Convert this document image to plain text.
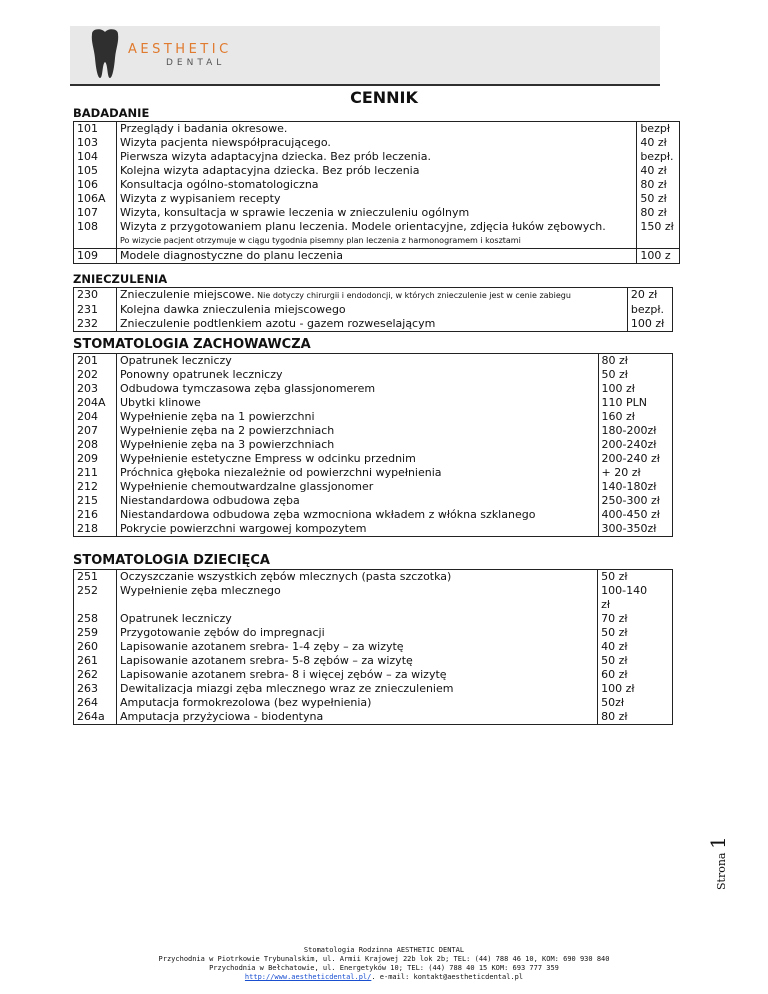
AESTHETIC
DENTAL
CENNIK
BADADANIE
101	Przeglądy i badania okresowe.	bezpł
103	Wizyta pacjenta niewspółpracującego.	40 zł
104	Pierwsza wizyta adaptacyjna dziecka. Bez prób leczenia.	bezpł.
105	Kolejna wizyta adaptacyjna dziecka. Bez prób leczenia	40 zł
106	Konsultacja ogólno-stomatologiczna	80 zł
106A	Wizyta z wypisaniem recepty	50 zł
107	Wizyta, konsultacja w sprawie leczenia w znieczuleniu ogólnym	80 zł
108	Wizyta z przygotowaniem planu leczenia. Modele orientacyjne, zdjęcia łuków zębowych.	150 zł
	Po wizycie pacjent otrzymuje w ciągu tygodnia pisemny plan leczenia z harmonogramem i kosztami	
109	Modele diagnostyczne do planu leczenia	100 z
ZNIECZULENIA
230	Znieczulenie miejscowe. Nie dotyczy chirurgii i endodoncji, w których znieczulenie jest w cenie zabiegu	20 zł
231	Kolejna dawka znieczulenia miejscowego	bezpł.
232	Znieczulenie podtlenkiem azotu - gazem rozweselającym	100 zł
STOMATOLOGIA ZACHOWAWCZA
201	Opatrunek leczniczy	80 zł
202	Ponowny opatrunek leczniczy	50 zł
203	Odbudowa tymczasowa zęba glassjonomerem	100 zł
204A	Ubytki klinowe	110 PLN
204	Wypełnienie zęba na 1 powierzchni	160 zł
207	Wypełnienie zęba na 2 powierzchniach	180-200zł
208	Wypełnienie zęba na 3 powierzchniach	200-240zł
209	Wypełnienie estetyczne Empress w odcinku przednim	200-240 zł
211	Próchnica głęboka niezależnie od powierzchni wypełnienia	+ 20 zł
212	Wypełnienie chemoutwardzalne glassjonomer	140-180zł
215	Niestandardowa odbudowa zęba	250-300 zł
216	Niestandardowa odbudowa zęba wzmocniona wkładem z włókna szklanego	400-450 zł
218	Pokrycie powierzchni wargowej kompozytem	300-350zł
STOMATOLOGIA DZIECIĘCA
251	Oczyszczanie wszystkich zębów mlecznych (pasta szczotka)	50 zł
252	Wypełnienie zęba mlecznego	100-140
		zł
258	Opatrunek leczniczy	70 zł
259	Przygotowanie zębów do impregnacji	50 zł
260	Lapisowanie azotanem srebra- 1-4 zęby – za wizytę	40 zł
261	Lapisowanie azotanem srebra- 5-8 zębów – za wizytę	50 zł
262	Lapisowanie azotanem srebra- 8 i więcej zębów – za wizytę	60 zł
263	Dewitalizacja miazgi zęba mlecznego wraz ze znieczuleniem	100 zł
264	Amputacja formokrezolowa (bez wypełnienia)	50zł
264a	Amputacja przyżyciowa - biodentyna	80 zł
Strona 1
Stomatologia Rodzinna AESTHETIC DENTAL
Przychodnia w Piotrkowie Trybunalskim, ul. Armii Krajowej 22b lok 2b; TEL: (44) 788 46 10, KOM: 690 930 840
Przychodnia w Bełchatowie, ul. Energetyków 10; TEL: (44) 788 40 15 KOM: 693 777 359
http://www.aestheticdental.pl/. e-mail: kontakt@aestheticdental.pl
